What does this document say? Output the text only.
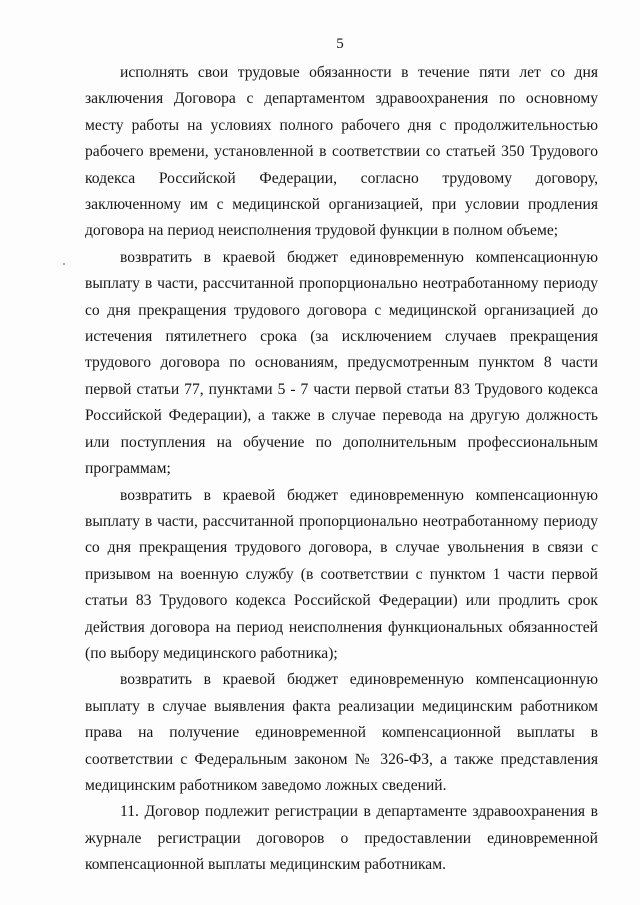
5

исполнять свои трудовые обязанности в течение пяти лет со дня заключения Договора с департаментом здравоохранения по основному месту работы на условиях полного рабочего дня с продолжительностью рабочего времени, установленной в соответствии со статьей 350 Трудового кодекса Российской Федерации, согласно трудовому договору, заключенному им с медицинской организацией, при условии продления договора на период неисполнения трудовой функции в полном объеме;

возвратить в краевой бюджет единовременную компенсационную выплату в части, рассчитанной пропорционально неотработанному периоду со дня прекращения трудового договора с медицинской организацией до истечения пятилетнего срока (за исключением случаев прекращения трудового договора по основаниям, предусмотренным пунктом 8 части первой статьи 77, пунктами 5 - 7 части первой статьи 83 Трудового кодекса Российской Федерации), а также в случае перевода на другую должность или поступления на обучение по дополнительным профессиональным программам;

возвратить в краевой бюджет единовременную компенсационную выплату в части, рассчитанной пропорционально неотработанному периоду со дня прекращения трудового договора, в случае увольнения в связи с призывом на военную службу (в соответствии с пунктом 1 части первой статьи 83 Трудового кодекса Российской Федерации) или продлить срок действия договора на период неисполнения функциональных обязанностей (по выбору медицинского работника);

возвратить в краевой бюджет единовременную компенсационную выплату в случае выявления факта реализации медицинским работником права на получение единовременной компенсационной выплаты в соответствии с Федеральным законом № 326-ФЗ, а также представления медицинским работником заведомо ложных сведений.

11. Договор подлежит регистрации в департаменте здравоохранения в журнале регистрации договоров о предоставлении единовременной компенсационной выплаты медицинским работникам.
